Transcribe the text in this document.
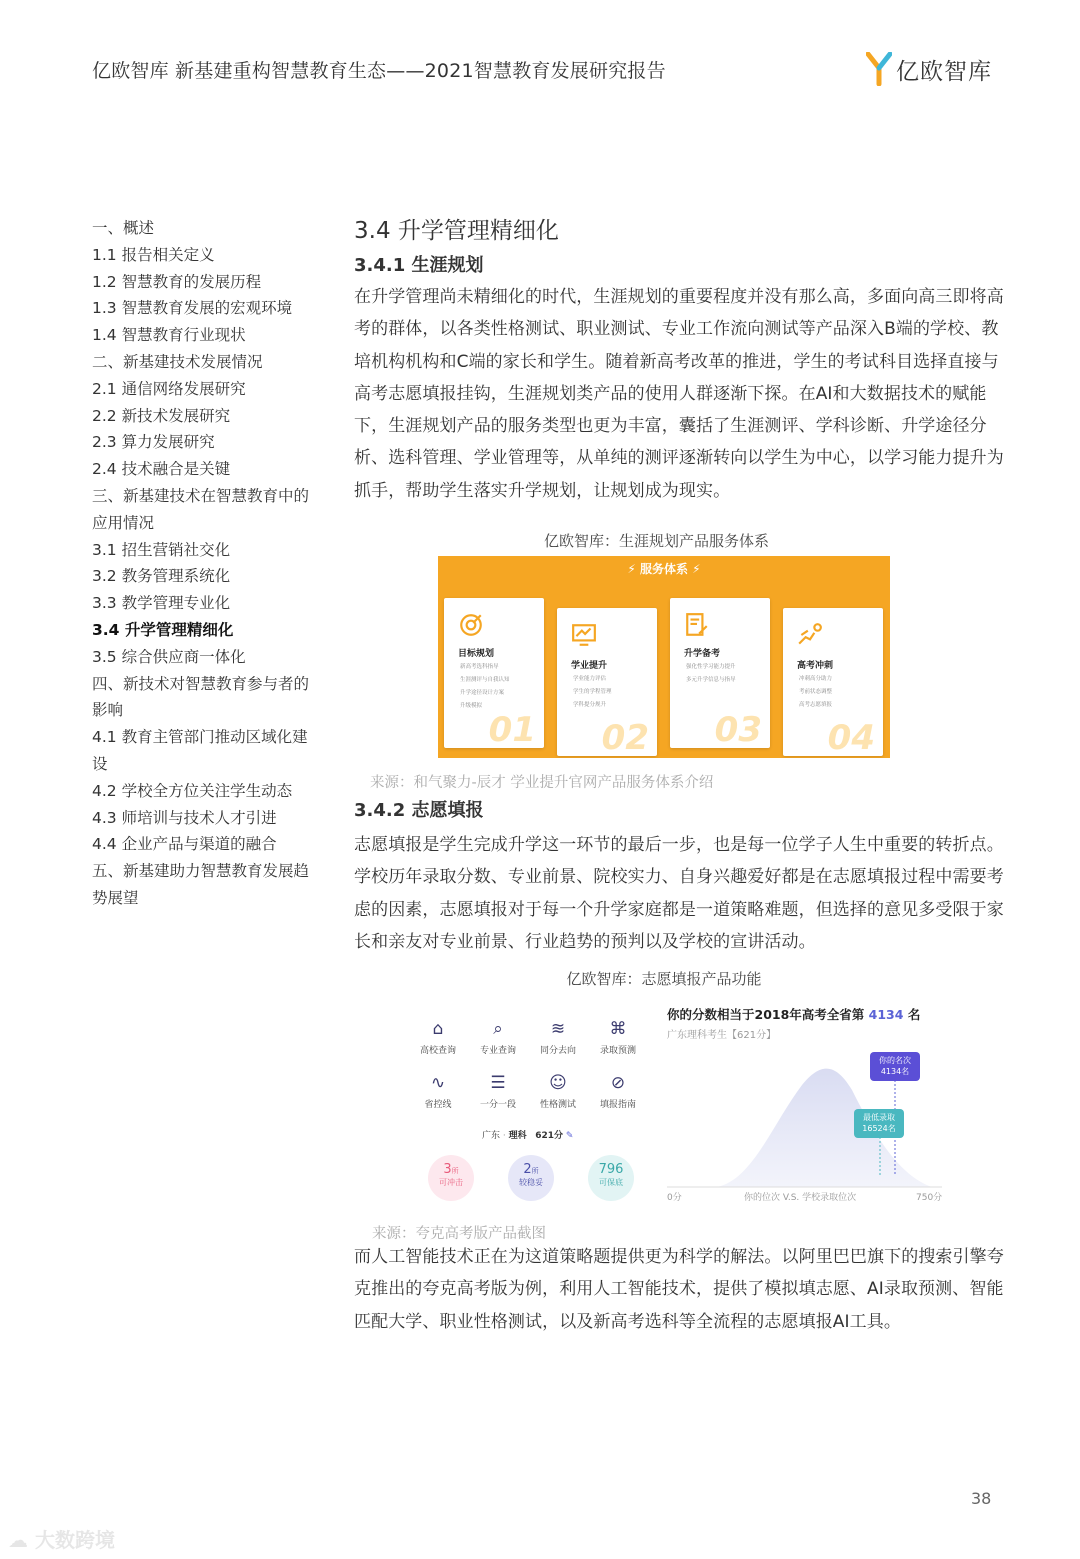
亿欧智库 新基建重构智慧教育生态——2021智慧教育发展研究报告	亿欧智库
一、概述
1.1 报告相关定义
1.2 智慧教育的发展历程
1.3 智慧教育发展的宏观环境
1.4 智慧教育行业现状
二、新基建技术发展情况
2.1 通信网络发展研究
2.2 新技术发展研究
2.3 算力发展研究
2.4 技术融合是关键
三、新基建技术在智慧教育中的应用情况
3.1 招生营销社交化
3.2 教务管理系统化
3.3 教学管理专业化
3.4 升学管理精细化
3.5 综合供应商一体化
四、新技术对智慧教育参与者的影响
4.1 教育主管部门推动区域化建设
4.2 学校全方位关注学生动态
4.3 师培训与技术人才引进
4.4 企业产品与渠道的融合
五、新基建助力智慧教育发展趋势展望
3.4 升学管理精细化
3.4.1 生涯规划
在升学管理尚未精细化的时代，生涯规划的重要程度并没有那么高，多面向高三即将高考的群体，以各类性格测试、职业测试、专业工作流向测试等产品深入B端的学校、教培机构机构和C端的家长和学生。随着新高考改革的推进，学生的考试科目选择直接与高考志愿填报挂钩，生涯规划类产品的使用人群逐渐下探。在AI和大数据技术的赋能下，生涯规划产品的服务类型也更为丰富，囊括了生涯测评、学科诊断、升学途径分析、选科管理、学业管理等，从单纯的测评逐渐转向以学生为中心，以学习能力提升为抓手，帮助学生落实升学规划，让规划成为现实。
亿欧智库：生涯规划产品服务体系
⚡ 服务体系 ⚡
目标规划
新高考选科指导
生涯测评与自我认知
升学途径设计方案
升级模拟
01
学业提升
学业能力评估
学生的学程管理
学科提分规升
02
升学备考
强化性学习能力提升
多元升学信息与指导
03
高考冲刺
冲刺高分助力
考前状态调整
高考志愿填报
04
来源：和气聚力-辰才 学业提升官网产品服务体系介绍
3.4.2 志愿填报
志愿填报是学生完成升学这一环节的最后一步，也是每一位学子人生中重要的转折点。学校历年录取分数、专业前景、院校实力、自身兴趣爱好都是在志愿填报过程中需要考虑的因素，志愿填报对于每一个升学家庭都是一道策略难题，但选择的意见多受限于家长和亲友对专业前景、行业趋势的预判以及学校的宣讲活动。
亿欧智库：志愿填报产品功能
⌂
高校查询
⌕
专业查询
≋
同分去向
⌘
录取预测
∿
省控线
☰
一分一段
☺
性格测试
⊘
填报指南
广东 · 理科 621分 ✎
3所
可冲击
2所
较稳妥
796
可保底
你的分数相当于2018年高考全省第 4134 名
广东理科考生【621分】
你的名次
4134名
最低录取
16524名
0分	你的位次 V.S. 学校录取位次	750分
来源：夸克高考版产品截图
而人工智能技术正在为这道策略题提供更为科学的解法。以阿里巴巴旗下的搜索引擎夸克推出的夸克高考版为例，利用人工智能技术，提供了模拟填志愿、AI录取预测、智能匹配大学、职业性格测试，以及新高考选科等全流程的志愿填报AI工具。
38
☁ 大数跨境
